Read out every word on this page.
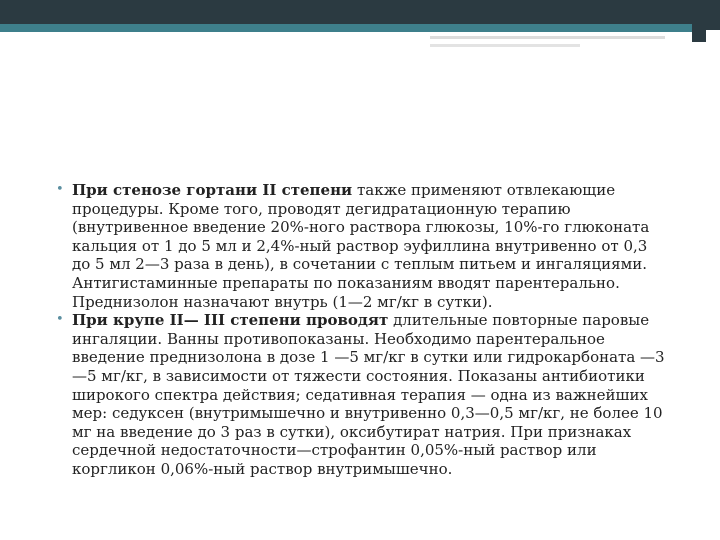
• При стенозе гортани II степени также применяют отвлекающие процедуры. Кроме того, проводят дегидратационную терапию (внутривенное введение 20%-ного раствора глюкозы, 10%-го глюконата кальция от 1 до 5 мл и 2,4%-ный раствор эуфиллина внутривенно от 0,3 до 5 мл 2—3 раза в день), в сочетании с теплым питьем и ингаляциями. Антигистаминные препараты по показаниям вводят парентерально. Преднизолон назначают внутрь (1—2 мг/кг в сутки).
• При крупе II— III степени проводят длительные повторные паровые ингаляции. Ванны противопоказаны. Необходимо парентеральное введение преднизолона в дозе 1 —5 мг/кг в сутки или гидрокарбоната —3—5 мг/кг, в зависимости от тяжести состояния. Показаны антибиотики широкого спектра действия; седативная терапия — одна из важнейших мер: седуксен (внутримышечно и внутривенно 0,3—0,5 мг/кг, не более 10 мг на введение до 3 раз в сутки), оксибутират натрия. При признаках сердечной недостаточности—строфантин 0,05%-ный раствор или коргликон 0,06%-ный раствор внутримышечно.
